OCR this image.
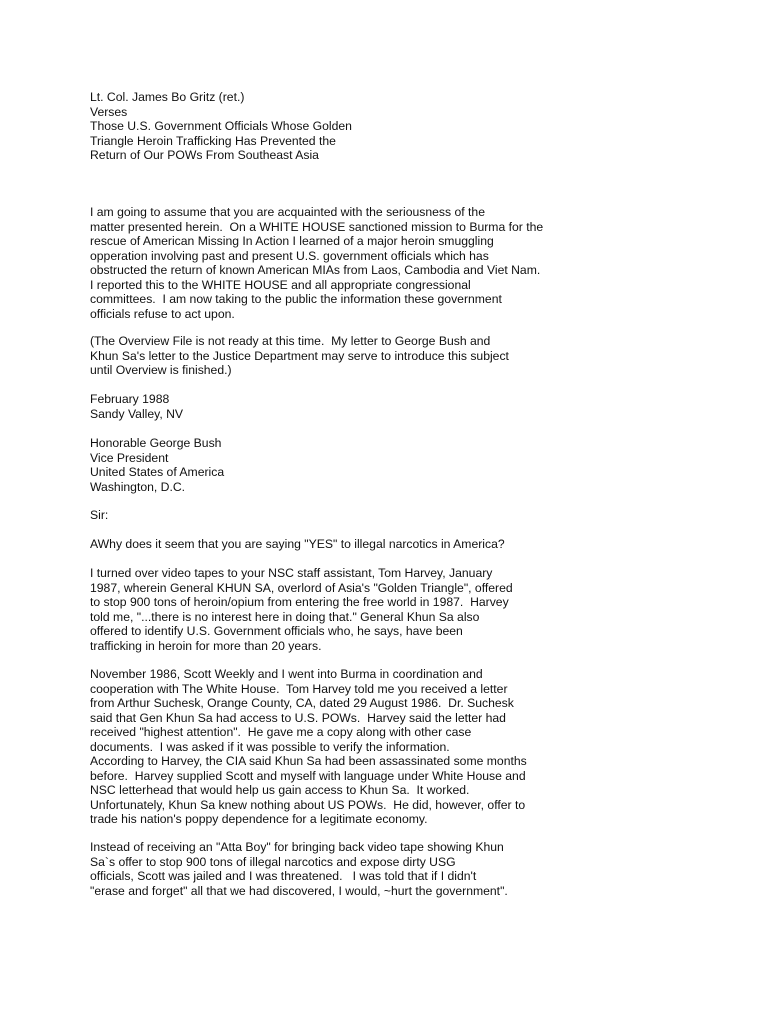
Lt. Col. James Bo Gritz (ret.)
Verses
Those U.S. Government Officials Whose Golden
Triangle Heroin Trafficking Has Prevented the
Return of Our POWs From Southeast Asia
I am going to assume that you are acquainted with the seriousness of the
matter presented herein.  On a WHITE HOUSE sanctioned mission to Burma for the
rescue of American Missing In Action I learned of a major heroin smuggling
opperation involving past and present U.S. government officials which has
obstructed the return of known American MIAs from Laos, Cambodia and Viet Nam.
I reported this to the WHITE HOUSE and all appropriate congressional
committees.  I am now taking to the public the information these government
officials refuse to act upon.
(The Overview File is not ready at this time.  My letter to George Bush and
Khun Sa's letter to the Justice Department may serve to introduce this subject
until Overview is finished.)
February 1988
Sandy Valley, NV
Honorable George Bush
Vice President
United States of America
Washington, D.C.
Sir:
AWhy does it seem that you are saying "YES" to illegal narcotics in America?
I turned over video tapes to your NSC staff assistant, Tom Harvey, January
1987, wherein General KHUN SA, overlord of Asia's "Golden Triangle", offered
to stop 900 tons of heroin/opium from entering the free world in 1987.  Harvey
told me, "...there is no interest here in doing that." General Khun Sa also
offered to identify U.S. Government officials who, he says, have been
trafficking in heroin for more than 20 years.
November 1986, Scott Weekly and I went into Burma in coordination and
cooperation with The White House.  Tom Harvey told me you received a letter
from Arthur Suchesk, Orange County, CA, dated 29 August 1986.  Dr. Suchesk
said that Gen Khun Sa had access to U.S. POWs.  Harvey said the letter had
received "highest attention".  He gave me a copy along with other case
documents.  I was asked if it was possible to verify the information.
According to Harvey, the CIA said Khun Sa had been assassinated some months
before.  Harvey supplied Scott and myself with language under White House and
NSC letterhead that would help us gain access to Khun Sa.  It worked.
Unfortunately, Khun Sa knew nothing about US POWs.  He did, however, offer to
trade his nation's poppy dependence for a legitimate economy.
Instead of receiving an "Atta Boy" for bringing back video tape showing Khun
Sa`s offer to stop 900 tons of illegal narcotics and expose dirty USG
officials, Scott was jailed and I was threatened.   I was told that if I didn't
"erase and forget" all that we had discovered, I would, ~hurt the government".
